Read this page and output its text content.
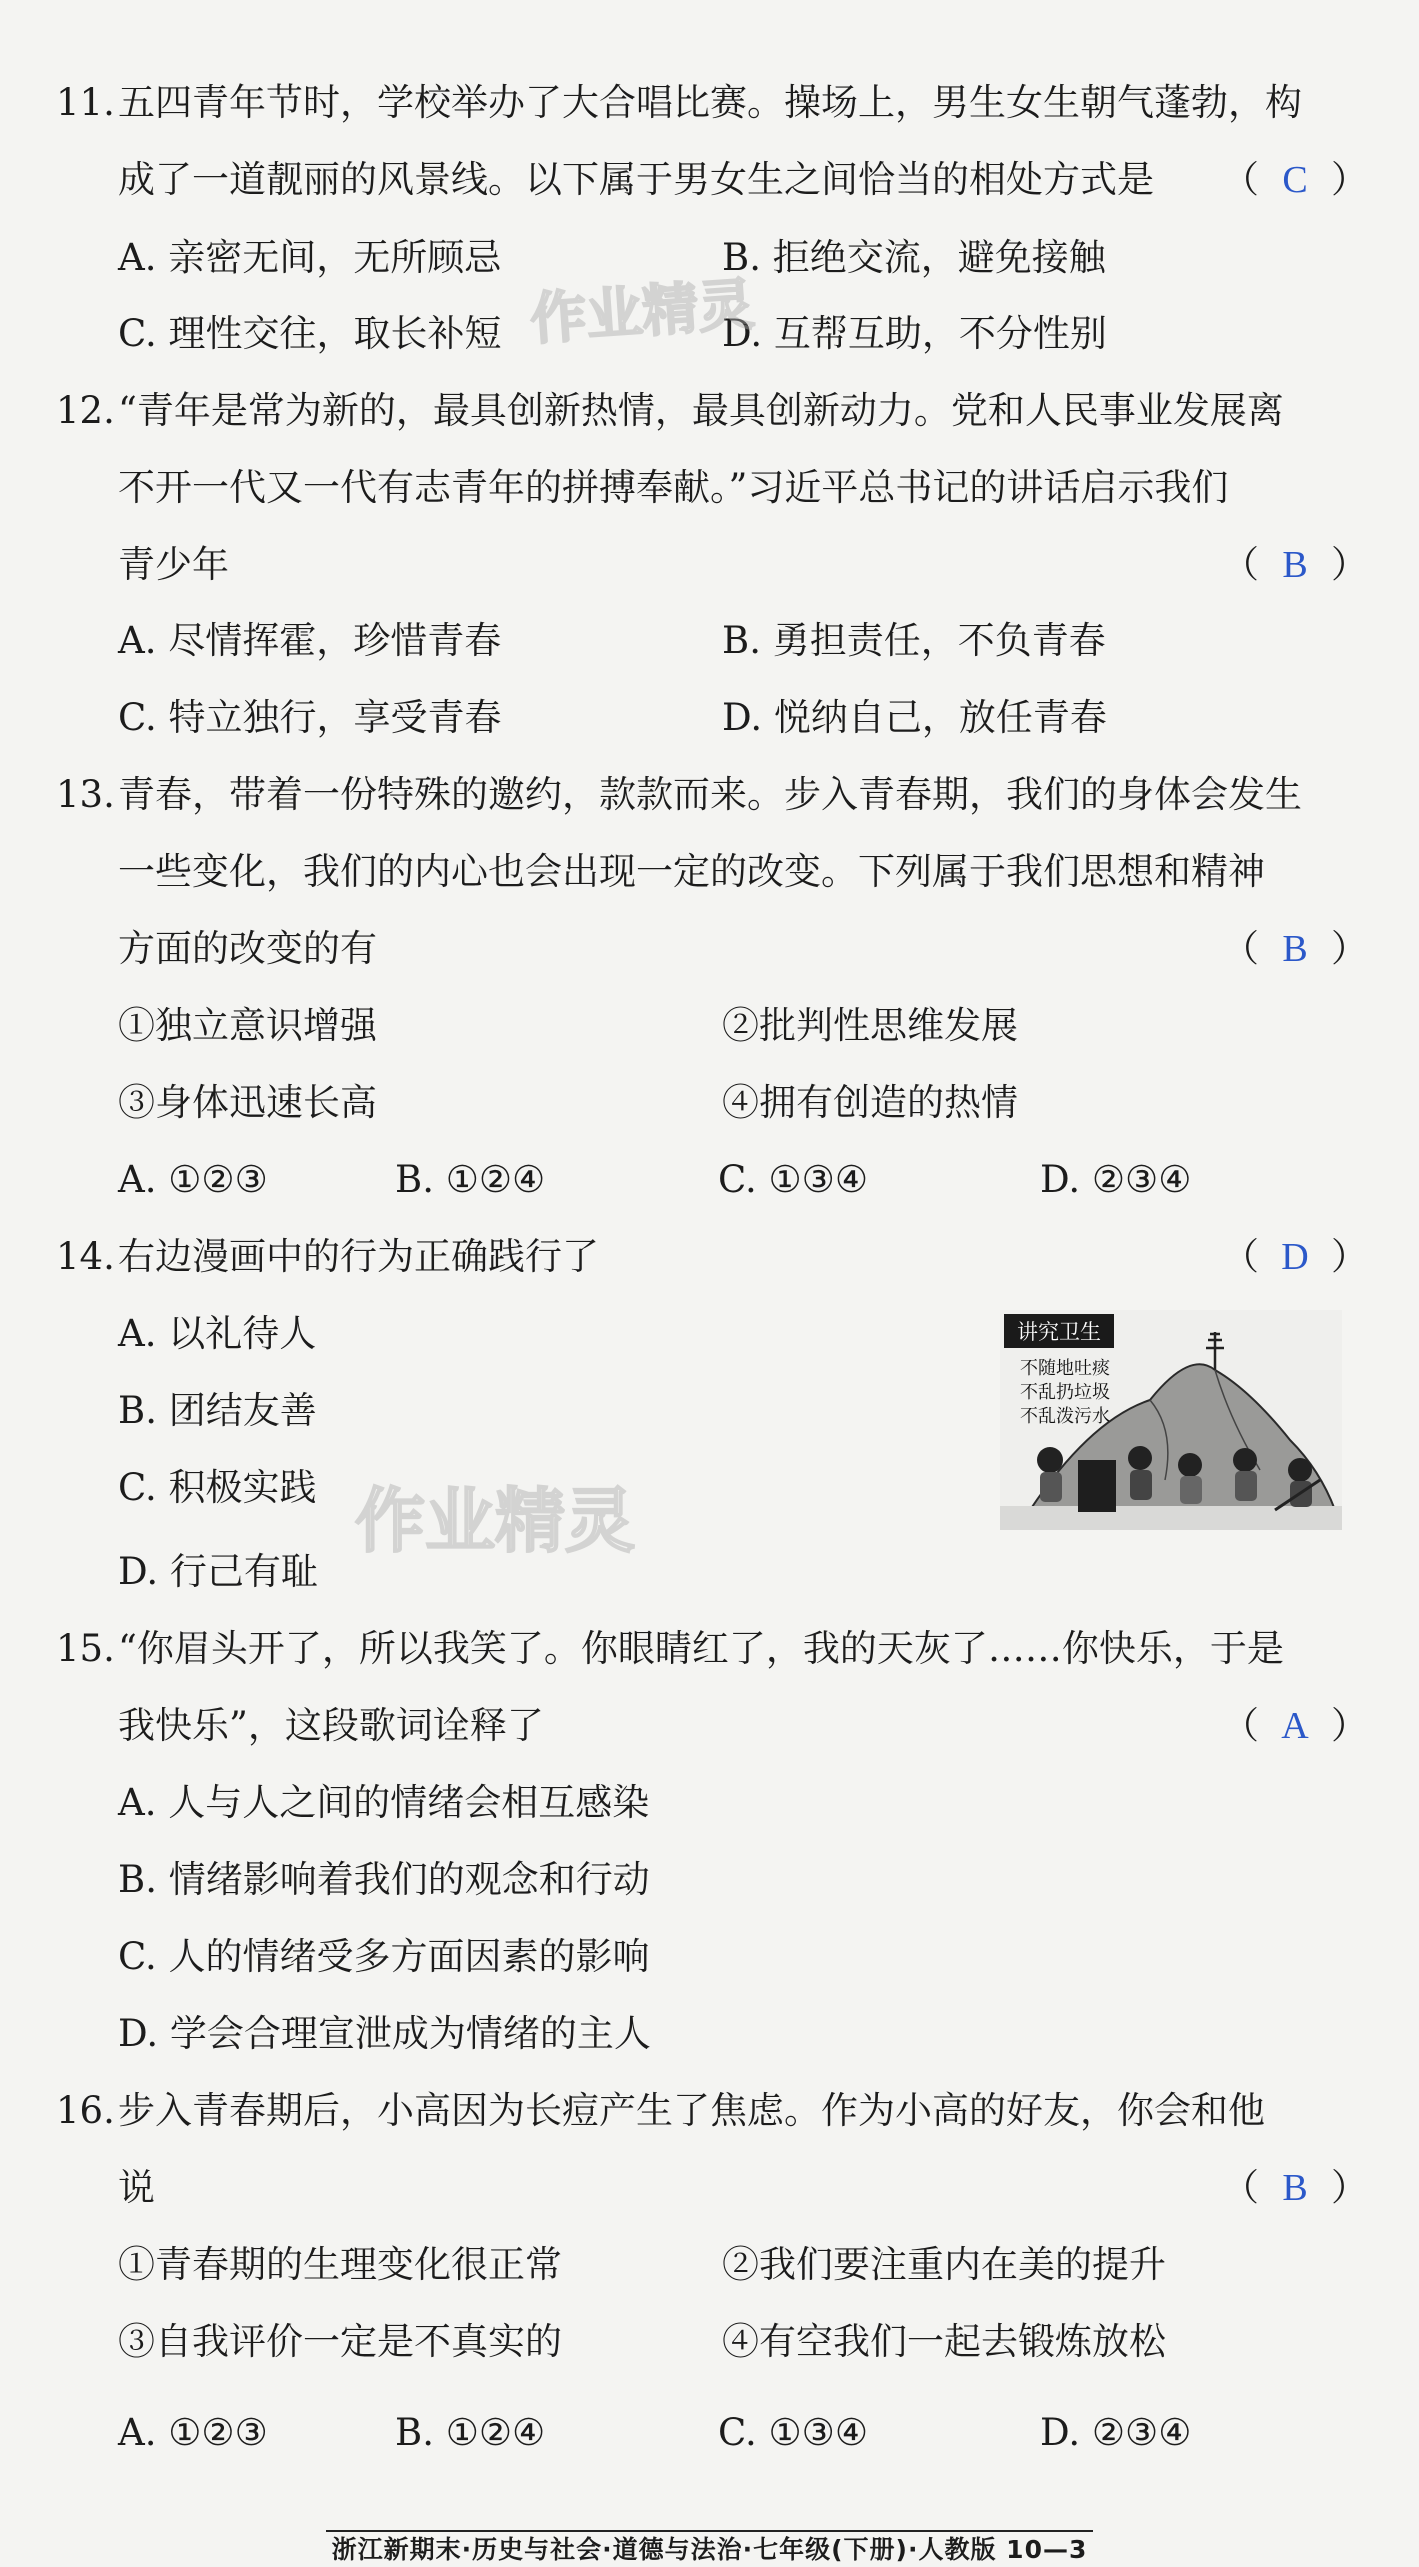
11. 五四青年节时，学校举办了大合唱比赛。操场上，男生女生朝气蓬勃，构
成了一道靓丽的风景线。以下属于男女生之间恰当的相处方式是 （ C ）
A. 亲密无间，无所顾忌	B. 拒绝交流，避免接触
C. 理性交往，取长补短	D. 互帮互助，不分性别
12. “青年是常为新的，最具创新热情，最具创新动力。党和人民事业发展离
不开一代又一代有志青年的拼搏奉献。”习近平总书记的讲话启示我们
青少年	（ B ）
A. 尽情挥霍，珍惜青春	B. 勇担责任，不负青春
C. 特立独行，享受青春	D. 悦纳自己，放任青春
13. 青春，带着一份特殊的邀约，款款而来。步入青春期，我们的身体会发生
一些变化，我们的内心也会出现一定的改变。下列属于我们思想和精神
方面的改变的有	（ B ）
①独立意识增强	②批判性思维发展
③身体迅速长高	④拥有创造的热情
A. ①②③	B. ①②④	C. ①③④	D. ②③④
14. 右边漫画中的行为正确践行了	（ D ）
A. 以礼待人
B. 团结友善
C. 积极实践
D. 行己有耻
讲究卫生
不随地吐痰
不乱扔垃圾
不乱泼污水
15. “你眉头开了，所以我笑了。你眼睛红了，我的天灰了……你快乐，于是
我快乐”，这段歌词诠释了	（ A ）
A. 人与人之间的情绪会相互感染
B. 情绪影响着我们的观念和行动
C. 人的情绪受多方面因素的影响
D. 学会合理宣泄成为情绪的主人
16. 步入青春期后，小高因为长痘产生了焦虑。作为小高的好友，你会和他
说	（ B ）
①青春期的生理变化很正常	②我们要注重内在美的提升
③自我评价一定是不真实的	④有空我们一起去锻炼放松
A. ①②③	B. ①②④	C. ①③④	D. ②③④
作业精灵
作业精灵
浙江新期末·历史与社会·道德与法治·七年级(下册)·人教版 10—3
